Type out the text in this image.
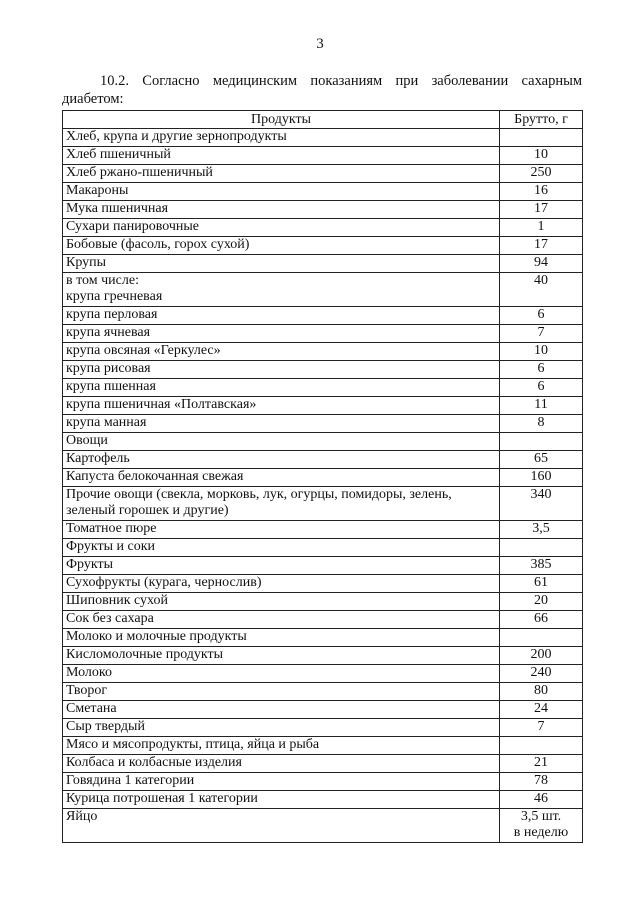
3

10.2. Согласно медицинским показаниям при заболевании сахарным диабетом:

Продукты	Брутто, г

Хлеб, крупа и другие зернопродукты	

Хлеб пшеничный	10

Хлеб ржано-пшеничный	250

Макароны	16

Мука пшеничная	17

Сухари панировочные	1

Бобовые (фасоль, горох сухой)	17

Крупы	94

в том числе:
крупа гречневая	40

крупа перловая	6

крупа ячневая	7

крупа овсяная «Геркулес»	10

крупа рисовая	6

крупа пшенная	6

крупа пшеничная «Полтавская»	11

крупа манная	8

Овощи	

Картофель	65

Капуста белокочанная свежая	160

Прочие овощи (свекла, морковь, лук, огурцы, помидоры, зелень,
зеленый горошек и другие)	340

Томатное пюре	3,5

Фрукты и соки	

Фрукты	385

Сухофрукты (курага, чернослив)	61

Шиповник сухой	20

Сок без сахара	66

Молоко и молочные продукты	

Кисломолочные продукты	200

Молоко	240

Творог	80

Сметана	24

Сыр твердый	7

Мясо и мясопродукты, птица, яйца и рыба	

Колбаса и колбасные изделия	21

Говядина 1 категории	78

Курица потрошеная 1 категории	46

Яйцо	3,5 шт.
в неделю
